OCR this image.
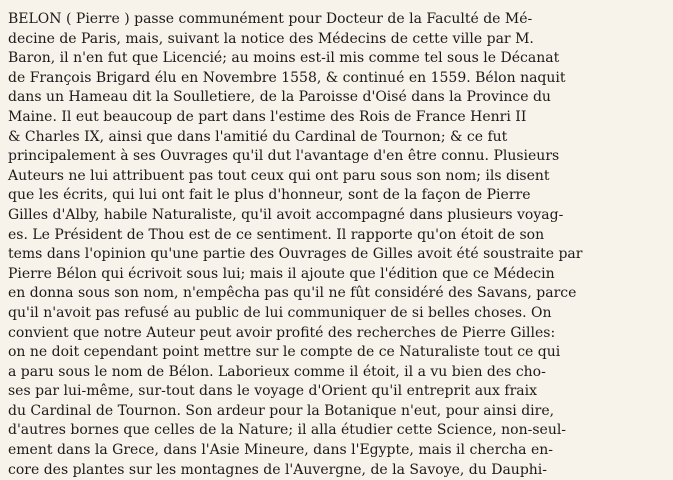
BELON ( Pierre ) passe communément pour Docteur de la Faculté de Mé-
decine de Paris, mais, suivant la notice des Médecins de cette ville par M.
Baron, il n'en fut que Licencié; au moins est-il mis comme tel sous le Décanat
de François Brigard élu en Novembre 1558, & continué en 1559. Bélon naquit
dans un Hameau dit la Soulletiere, de la Paroisse d'Oisé dans la Province du
Maine. Il eut beaucoup de part dans l'estime des Rois de France Henri II
& Charles IX, ainsi que dans l'amitié du Cardinal de Tournon; & ce fut
principalement à ses Ouvrages qu'il dut l'avantage d'en être connu. Plusieurs
Auteurs ne lui attribuent pas tout ceux qui ont paru sous son nom; ils disent
que les écrits, qui lui ont fait le plus d'honneur, sont de la façon de Pierre
Gilles d'Alby, habile Naturaliste, qu'il avoit accompagné dans plusieurs voyag-
es. Le Président de Thou est de ce sentiment. Il rapporte qu'on étoit de son
tems dans l'opinion qu'une partie des Ouvrages de Gilles avoit été soustraite par
Pierre Bélon qui écrivoit sous lui; mais il ajoute que l'édition que ce Médecin
en donna sous son nom, n'empêcha pas qu'il ne fût considéré des Savans, parce
qu'il n'avoit pas refusé au public de lui communiquer de si belles choses. On
convient que notre Auteur peut avoir profité des recherches de Pierre Gilles:
on ne doit cependant point mettre sur le compte de ce Naturaliste tout ce qui
a paru sous le nom de Bélon. Laborieux comme il étoit, il a vu bien des cho-
ses par lui-même, sur-tout dans le voyage d'Orient qu'il entreprit aux fraix
du Cardinal de Tournon. Son ardeur pour la Botanique n'eut, pour ainsi dire,
d'autres bornes que celles de la Nature; il alla étudier cette Science, non-seul-
ement dans la Grece, dans l'Asie Mineure, dans l'Egypte, mais il chercha en-
core des plantes sur les montagnes de l'Auvergne, de la Savoye, du Dauphi-
